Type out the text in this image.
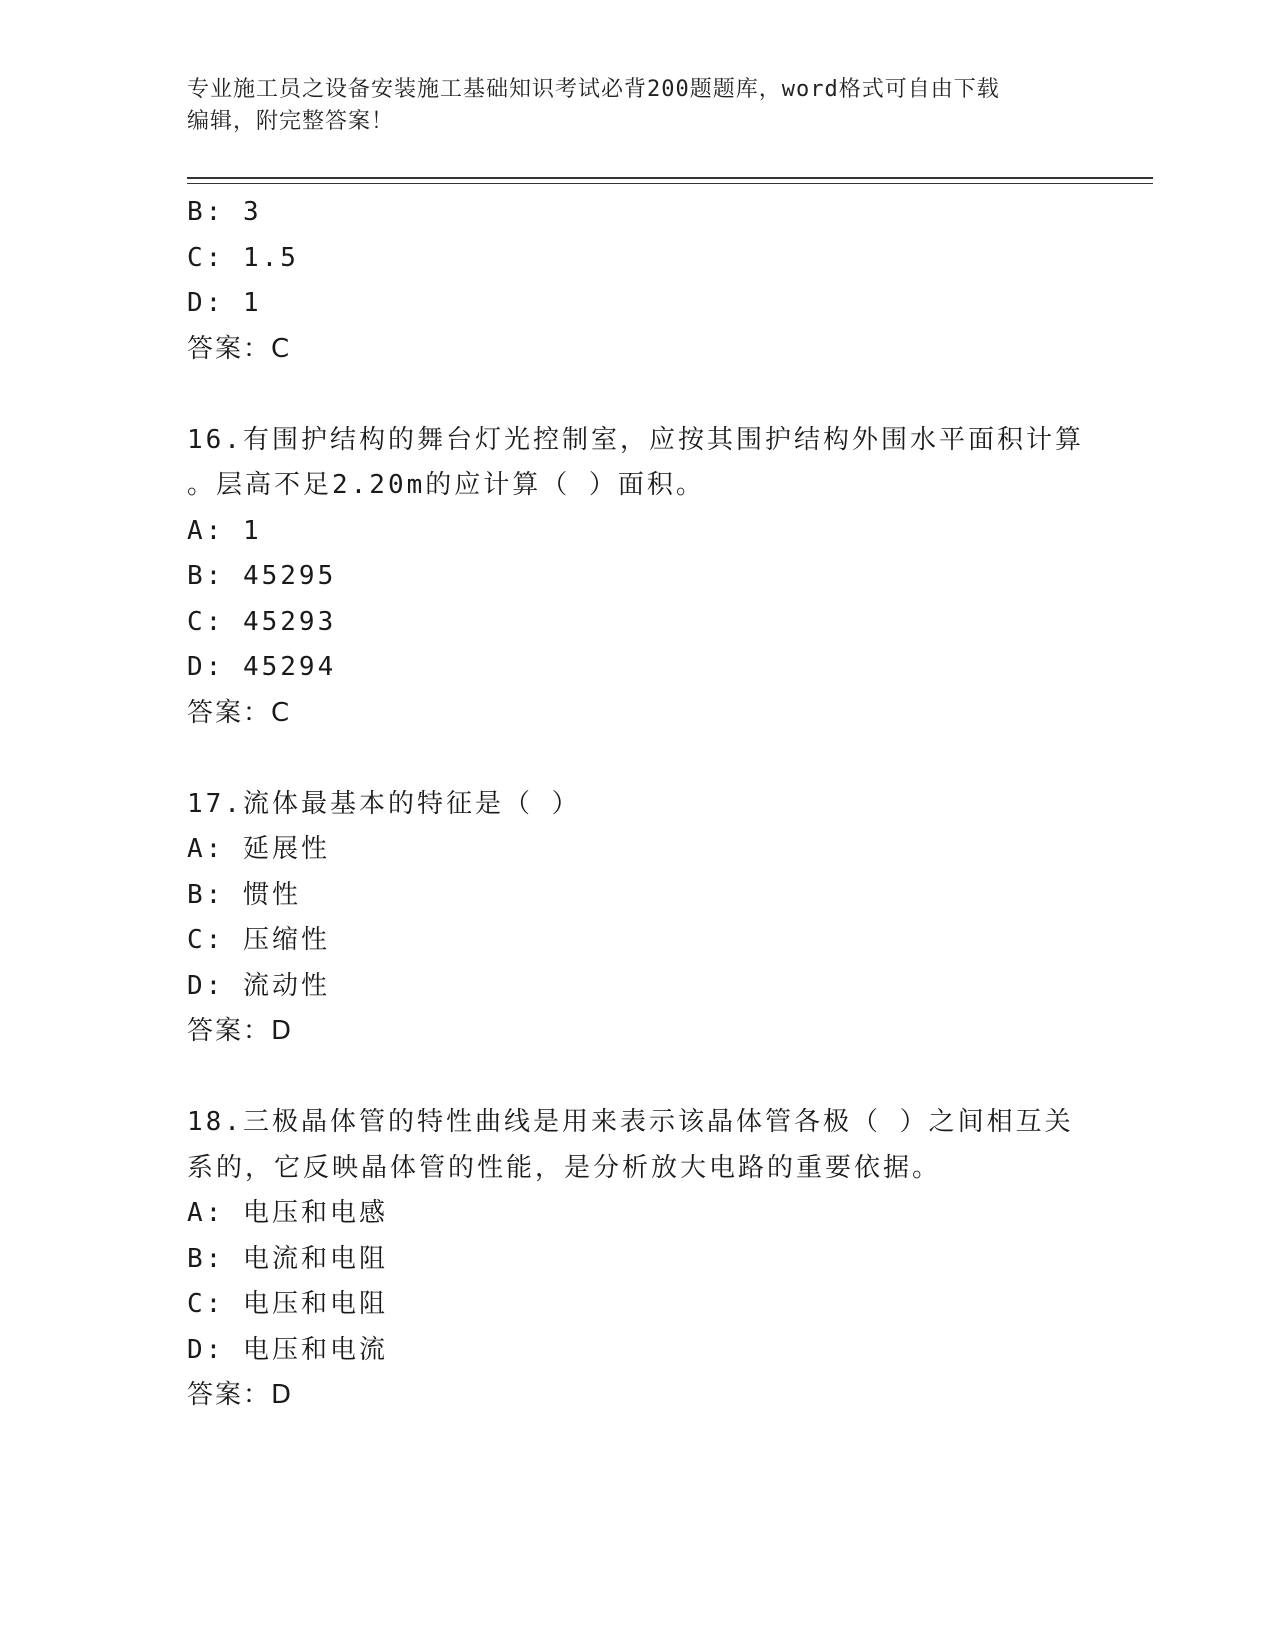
专业施工员之设备安装施工基础知识考试必背200题题库，word格式可自由下载
编辑，附完整答案！
B: 3
C: 1.5
D: 1
答案：C
16.有围护结构的舞台灯光控制室，应按其围护结构外围水平面积计算
。层高不足2.20m的应计算（ ）面积。
A: 1
B: 45295
C: 45293
D: 45294
答案：C
17.流体最基本的特征是（ ）
A: 延展性
B: 惯性
C: 压缩性
D: 流动性
答案：D
18.三极晶体管的特性曲线是用来表示该晶体管各极（ ）之间相互关
系的，它反映晶体管的性能，是分析放大电路的重要依据。
A: 电压和电感
B: 电流和电阻
C: 电压和电阻
D: 电压和电流
答案：D
